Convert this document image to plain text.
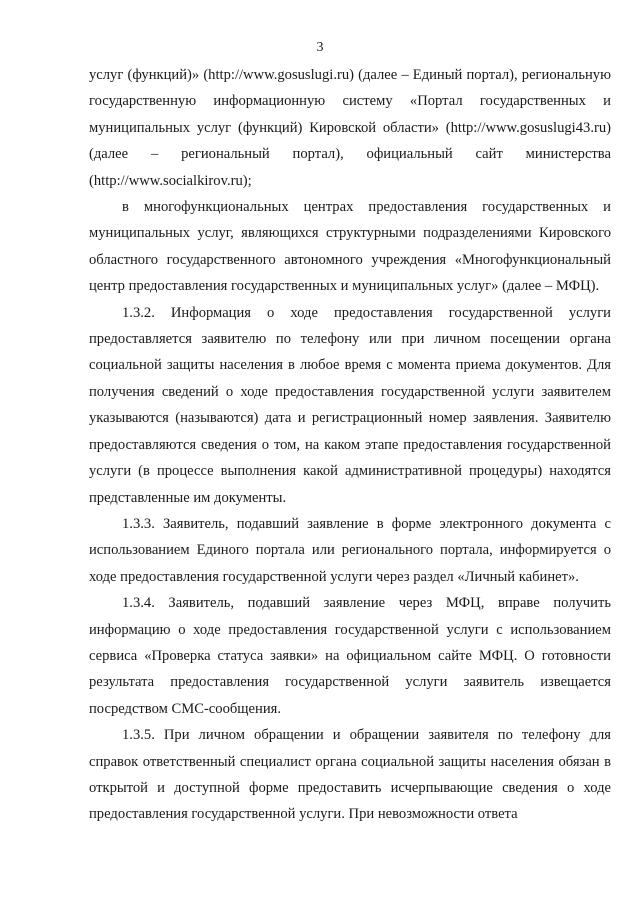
3

услуг (функций)» (http://www.gosuslugi.ru) (далее – Единый портал), региональную государственную информационную систему «Портал государственных и муниципальных услуг (функций) Кировской области» (http://www.gosuslugi43.ru) (далее – региональный портал), официальный сайт министерства (http://www.socialkirov.ru);

в многофункциональных центрах предоставления государственных и муниципальных услуг, являющихся структурными подразделениями Кировского областного государственного автономного учреждения «Многофункциональный центр предоставления государственных и муниципальных услуг» (далее – МФЦ).

1.3.2. Информация о ходе предоставления государственной услуги предоставляется заявителю по телефону или при личном посещении органа социальной защиты населения в любое время с момента приема документов. Для получения сведений о ходе предоставления государственной услуги заявителем указываются (называются) дата и регистрационный номер заявления. Заявителю предоставляются сведения о том, на каком этапе предоставления государственной услуги (в процессе выполнения какой административной процедуры) находятся представленные им документы.

1.3.3. Заявитель, подавший заявление в форме электронного документа с использованием Единого портала или регионального портала, информируется о ходе предоставления государственной услуги через раздел «Личный кабинет».

1.3.4. Заявитель, подавший заявление через МФЦ, вправе получить информацию о ходе предоставления государственной услуги с использованием сервиса «Проверка статуса заявки» на официальном сайте МФЦ. О готовности результата предоставления государственной услуги заявитель извещается посредством СМС-сообщения.

1.3.5. При личном обращении и обращении заявителя по телефону для справок ответственный специалист органа социальной защиты населения обязан в открытой и доступной форме предоставить исчерпывающие сведения о ходе предоставления государственной услуги. При невозможности ответа
